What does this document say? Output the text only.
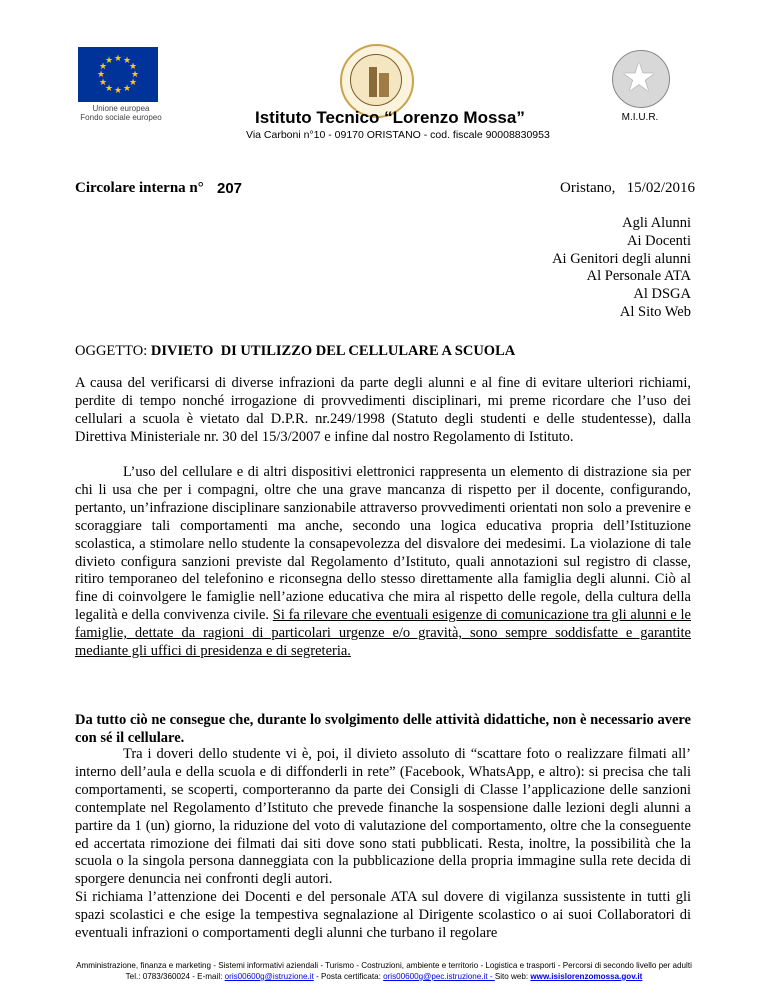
★ ★
★
★
★
★
★
★
★
★
★
★
Unione europea
Fondo sociale europeo
★
M.I.U.R.
Istituto Tecnico “Lorenzo Mossa”
Via Carboni n°10 - 09170 ORISTANO - cod. fiscale 90008830953
Circolare interna n° 207	Oristano,   15/02/2016
Agli Alunni
Ai Docenti
Ai Genitori degli alunni
Al Personale ATA
Al DSGA
Al Sito Web
OGGETTO: DIVIETO  DI UTILIZZO DEL CELLULARE A SCUOLA
A causa del verificarsi di diverse infrazioni da parte degli alunni e al fine di evitare ulteriori richiami, perdite di tempo nonché irrogazione di provvedimenti disciplinari, mi preme ricordare che l’uso dei cellulari a scuola è vietato dal D.P.R. nr.249/1998 (Statuto degli studenti e delle studentesse), dalla Direttiva Ministeriale nr. 30 del 15/3/2007 e infine dal nostro Regolamento di Istituto.
L’uso del cellulare e di altri dispositivi elettronici rappresenta un elemento di distrazione sia per chi li usa che per i compagni, oltre che una grave mancanza di rispetto per il docente, configurando, pertanto, un’infrazione disciplinare sanzionabile attraverso provvedimenti orientati non solo a prevenire e scoraggiare tali comportamenti ma anche, secondo una logica educativa propria dell’Istituzione scolastica, a stimolare nello studente la consapevolezza del disvalore dei medesimi. La violazione di tale divieto configura sanzioni previste dal Regolamento d’Istituto, quali annotazioni sul registro di classe, ritiro temporaneo del telefonino e riconsegna dello stesso direttamente alla famiglia degli alunni. Ciò al fine di coinvolgere le famiglie nell’azione educativa che mira al rispetto delle regole, della cultura della legalità e della convivenza civile. Si fa rilevare che eventuali esigenze di comunicazione tra gli alunni e le famiglie, dettate da ragioni di particolari urgenze e/o gravità, sono sempre soddisfatte e garantite mediante gli uffici di presidenza e di segreteria.
Da tutto ciò ne consegue che, durante lo svolgimento delle attività didattiche, non è necessario avere con sé il cellulare.
Tra i doveri dello studente vi è, poi, il divieto assoluto di “scattare foto o realizzare filmati all’ interno dell’aula e della scuola e di diffonderli in rete” (Facebook, WhatsApp, e altro): si precisa che tali comportamenti, se scoperti, comporteranno da parte dei Consigli di Classe l’applicazione delle sanzioni contemplate nel Regolamento d’Istituto che prevede finanche la sospensione dalle lezioni degli alunni a partire da 1 (un) giorno, la riduzione del voto di valutazione del comportamento, oltre che la conseguente ed accertata rimozione dei filmati dai siti dove sono stati pubblicati. Resta, inoltre, la possibilità che la scuola o la singola persona danneggiata con la pubblicazione della propria immagine sulla rete decida di sporgere denuncia nei confronti degli autori.
Si richiama l’attenzione dei Docenti e del personale ATA sul dovere di vigilanza sussistente in tutti gli spazi scolastici e che esige la tempestiva segnalazione al Dirigente scolastico o ai suoi Collaboratori di eventuali infrazioni o comportamenti degli alunni che turbano il regolare
Amministrazione, finanza e marketing - Sistemi informativi aziendali - Turismo - Costruzioni, ambiente e territorio - Logistica e trasporti - Percorsi di secondo livello per adulti
Tel.: 0783/360024 - E-mail: oris00600g@istruzione.it - Posta certificata: oris00600g@pec.istruzione.it - Sito web: www.isislorenzomossa.gov.it
